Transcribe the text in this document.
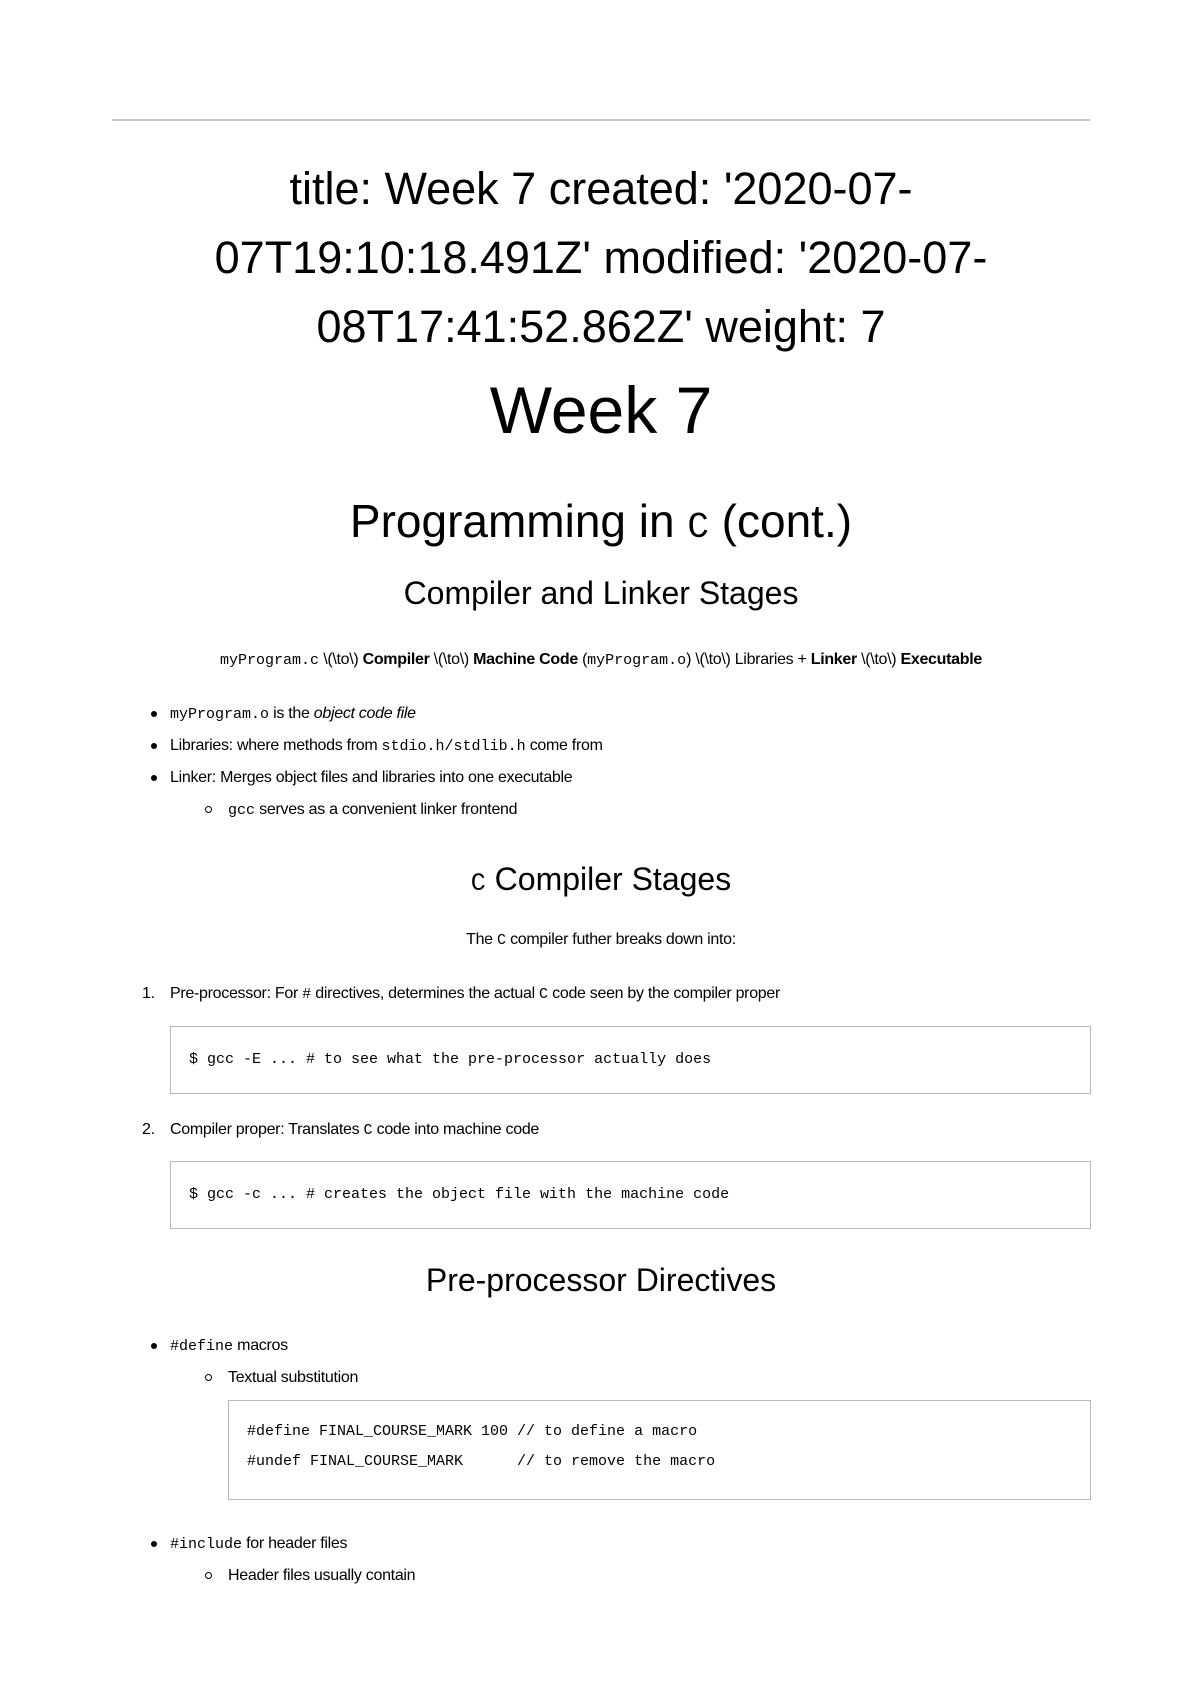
title: Week 7 created: '2020-07-
07T19:10:18.491Z' modified: '2020-07-
08T17:41:52.862Z' weight: 7
Week 7
Programming in C (cont.)
Compiler and Linker Stages

myProgram.c \(\to\) Compiler \(\to\) Machine Code (myProgram.o) \(\to\) Libraries + Linker \(\to\) Executable

myProgram.o is the object code file
Libraries: where methods from stdio.h/stdlib.h come from
Linker: Merges object files and libraries into one executable
gcc serves as a convenient linker frontend
C Compiler Stages

The C compiler futher breaks down into:

1. Pre-processor: For # directives, determines the actual C code seen by the compiler proper
$ gcc -E ... # to see what the pre-processor actually does
2. Compiler proper: Translates C code into machine code
$ gcc -c ... # creates the object file with the machine code
Pre-processor Directives
#define macros
Textual substitution
#define FINAL_COURSE_MARK 100 // to define a macro
#undef FINAL_COURSE_MARK      // to remove the macro
#include for header files
Header files usually contain
